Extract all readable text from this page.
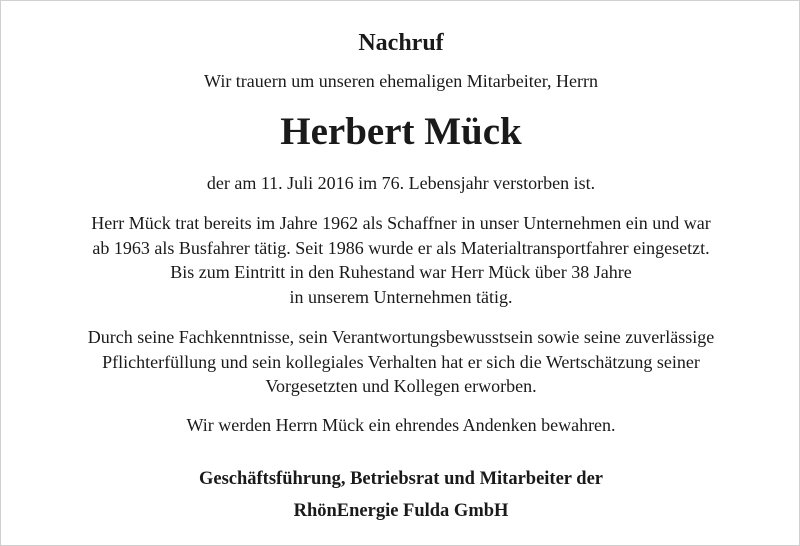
Nachruf
Wir trauern um unseren ehemaligen Mitarbeiter, Herrn
Herbert Mück
der am 11. Juli 2016 im 76. Lebensjahr verstorben ist.
Herr Mück trat bereits im Jahre 1962 als Schaffner in unser Unternehmen ein und war
ab 1963 als Busfahrer tätig. Seit 1986 wurde er als Materialtransportfahrer eingesetzt.
Bis zum Eintritt in den Ruhestand war Herr Mück über 38 Jahre
in unserem Unternehmen tätig.
Durch seine Fachkenntnisse, sein Verantwortungsbewusstsein sowie seine zuverlässige
Pflichterfüllung und sein kollegiales Verhalten hat er sich die Wertschätzung seiner
Vorgesetzten und Kollegen erworben.
Wir werden Herrn Mück ein ehrendes Andenken bewahren.
Geschäftsführung, Betriebsrat und Mitarbeiter der
RhönEnergie Fulda GmbH
